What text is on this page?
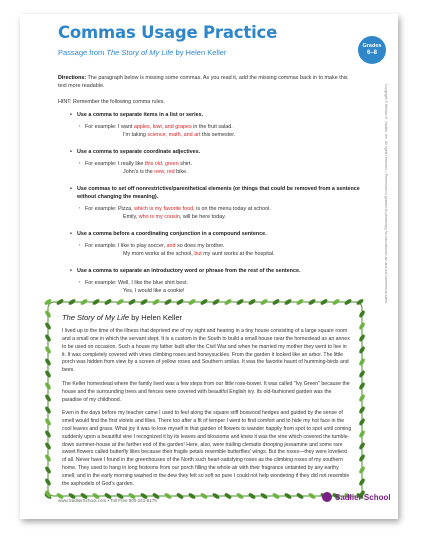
Commas Usage Practice
Grades
6–8
Passage from The Story of My Life by Helen Keller
Directions: The paragraph below is missing some commas. As you read it, add the missing commas back in to make this text more readable.
HINT: Remember the following comma rules.
• Use a comma to separate items in a list or series.
▪ For example: I want apples, kiwi, and grapes in the fruit salad.
I'm taking science, math, and art this semester.
• Use a comma to separate coordinate adjectives.
▪ For example: I really like this old, green shirt.
John's is the new, red bike.
• Use commas to set off nonrestrictive/parenthetical elements (or things that could be removed from a sentence without changing the meaning).
▪ For example: Pizza, which is my favorite food, is on the menu today at school.
Emily, who is my cousin, will be here today.
• Use a comma before a coordinating conjunction in a compound sentence.
▪ For example: I like to play soccer, and so does my brother.
My mom works at the school, but my aunt works at the hospital.
• Use a comma to separate an introductory word or phrase from the rest of the sentence.
▪ For example: Well, I like the blue shirt best.
Yes, I would like a cookie!
The Story of My Life by Helen Keller

I lived up to the time of the illness that deprived me of my sight and hearing in a tiny house consisting of a large square room and a small one in which the servant slept. It is a custom in the South to build a small house near the homestead as an annex to be used on occasion. Such a house my father built after the Civil War and when he married my mother they went to live in it. It was completely covered with vines climbing roses and honeysuckles. From the garden it looked like an arbor. The little porch was hidden from view by a screen of yellow roses and Southern smilax. It was the favorite haunt of humming-birds and bees.

The Keller homestead where the family lived was a few steps from our little rose-bower. It was called "Ivy Green" because the house and the surrounding trees and fences were covered with beautiful English ivy. Its old-fashioned garden was the paradise of my childhood.

Even in the days before my teacher came I used to feel along the square stiff boxwood hedges and guided by the sense of smell would find the first violets and lilies. There too after a fit of temper I went to find comfort and to hide my hot face in the cool leaves and grass. What joy it was to lose myself in that garden of flowers to wander happily from spot to spot until coming suddenly upon a beautiful vine I recognized it by its leaves and blossoms and knew it was the vine which covered the tumble-down summer-house at the farther end of the garden! Here, also, were trailing clematis drooping jessamine and some rare sweet flowers called butterfly lilies because their fragile petals resemble butterflies' wings. But the roses—they were loveliest of all. Never have I found in the greenhouses of the North such heart-satisfying roses as the climbing roses of my southern home. They used to hang in long festoons from our porch filling the whole air with their fragrance untainted by any earthy smell; and in the early morning washed in the dew they felt so soft so pure I could not help wondering if they did not resemble the asphodels of God's garden.

www.SadlierSchool.com • Toll Free 800-221-5175	Sadlier School
Copyright © William H. Sadlier, Inc. All rights reserved. • Permission is granted to photocopy for educational use and not commercial sales.
